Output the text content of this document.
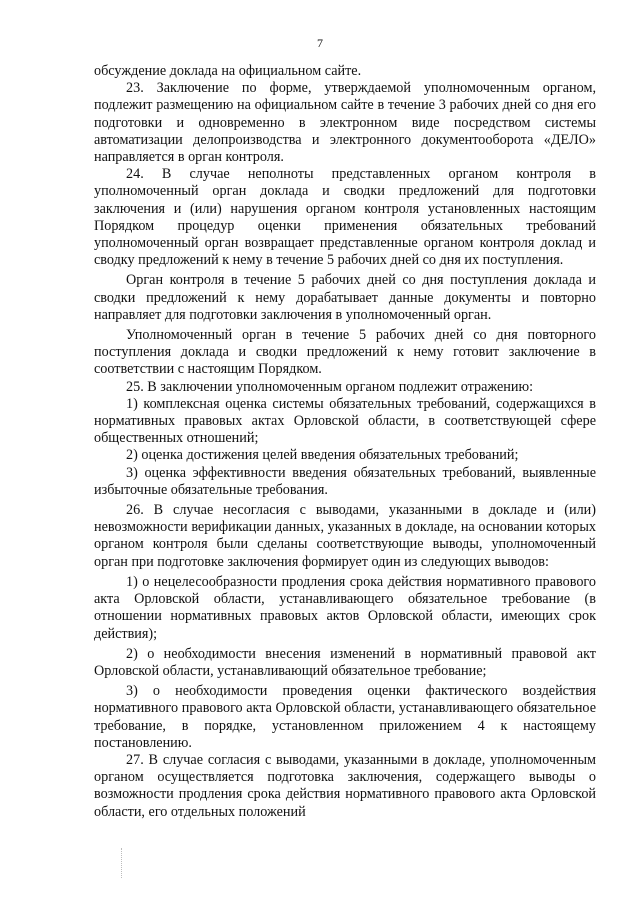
7

обсуждение доклада на официальном сайте.

23. Заключение по форме, утверждаемой уполномоченным органом, подлежит размещению на официальном сайте в течение 3 рабочих дней со дня его подготовки и одновременно в электронном виде посредством системы автоматизации делопроизводства и электронного документооборота «ДЕЛО» направляется в орган контроля.

24. В случае неполноты представленных органом контроля в уполномоченный орган доклада и сводки предложений для подготовки заключения и (или) нарушения органом контроля установленных настоящим Порядком процедур оценки применения обязательных требований уполномоченный орган возвращает представленные органом контроля доклад и сводку предложений к нему в течение 5 рабочих дней со дня их поступления.

Орган контроля в течение 5 рабочих дней со дня поступления доклада и сводки предложений к нему дорабатывает данные документы и повторно направляет для подготовки заключения в уполномоченный орган.

Уполномоченный орган в течение 5 рабочих дней со дня повторного поступления доклада и сводки предложений к нему готовит заключение в соответствии с настоящим Порядком.

25. В заключении уполномоченным органом подлежит отражению:

1) комплексная оценка системы обязательных требований, содержащихся в нормативных правовых актах Орловской области, в соответствующей сфере общественных отношений;

2) оценка достижения целей введения обязательных требований;

3) оценка эффективности введения обязательных требований, выявленные избыточные обязательные требования.

26. В случае несогласия с выводами, указанными в докладе и (или) невозможности верификации данных, указанных в докладе, на основании которых органом контроля были сделаны соответствующие выводы, уполномоченный орган при подготовке заключения формирует один из следующих выводов:

1) о нецелесообразности продления срока действия нормативного правового акта Орловской области, устанавливающего обязательное требование (в отношении нормативных правовых актов Орловской области, имеющих срок действия);

2) о необходимости внесения изменений в нормативный правовой акт Орловской области, устанавливающий обязательное требование;

3) о необходимости проведения оценки фактического воздействия нормативного правового акта Орловской области, устанавливающего обязательное требование, в порядке, установленном приложением 4 к настоящему постановлению.

27. В случае согласия с выводами, указанными в докладе, уполномоченным органом осуществляется подготовка заключения, содержащего выводы о возможности продления срока действия нормативного правового акта Орловской области, его отдельных положений
